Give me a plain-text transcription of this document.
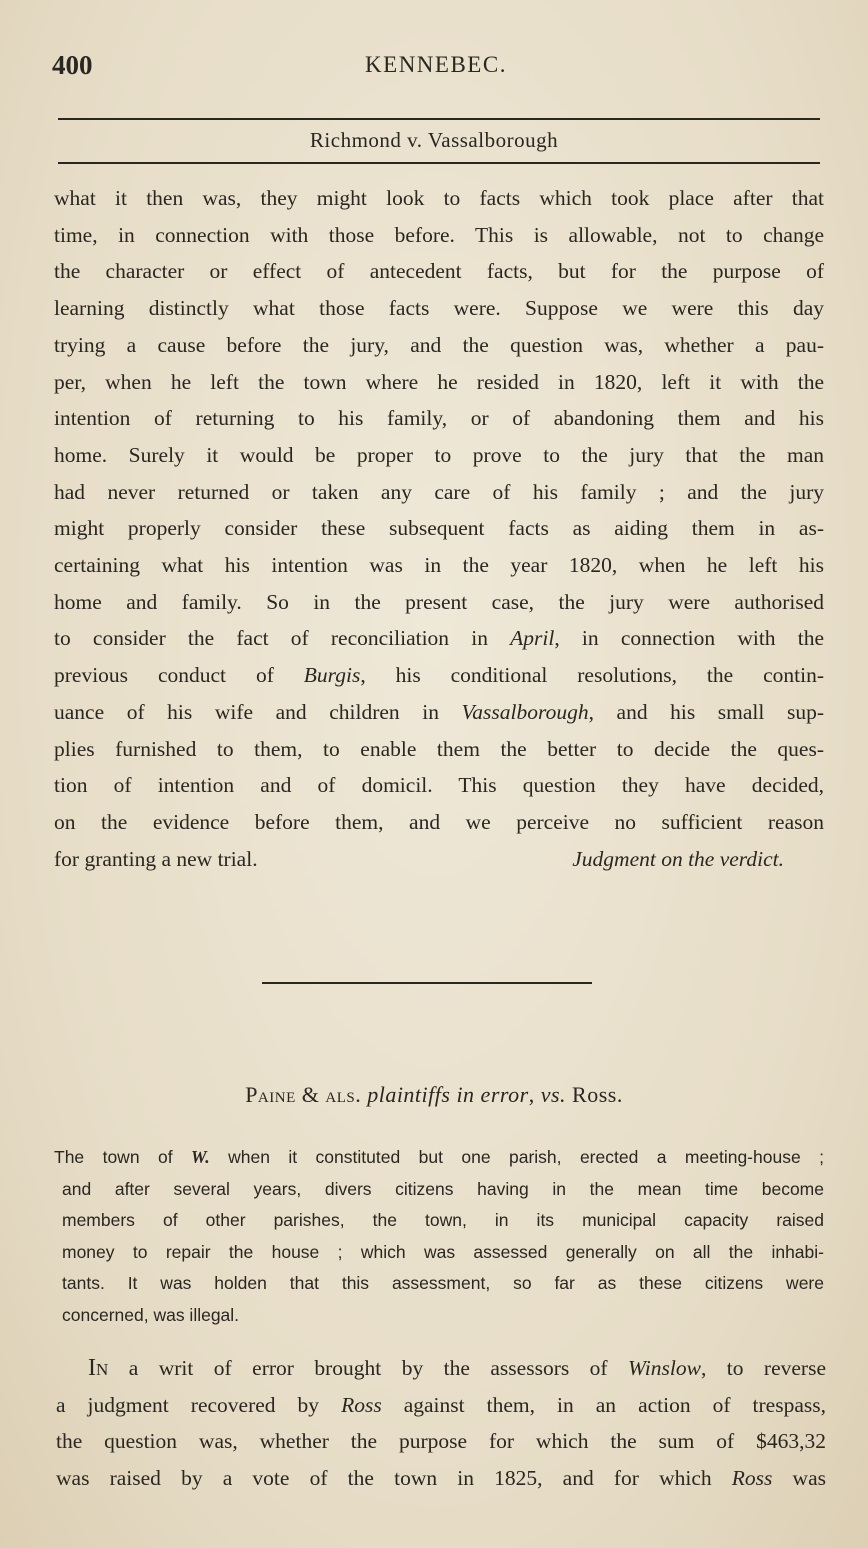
400	KENNEBEC.
Richmond v. Vassalborough
what it then was, they might look to facts which took place after that
time, in connection with those before. This is allowable, not to change
the character or effect of antecedent facts, but for the purpose of
learning distinctly what those facts were. Suppose we were this day
trying a cause before the jury, and the question was, whether a pau-
per, when he left the town where he resided in 1820, left it with the
intention of returning to his family, or of abandoning them and his
home. Surely it would be proper to prove to the jury that the man
had never returned or taken any care of his family ; and the jury
might properly consider these subsequent facts as aiding them in as-
certaining what his intention was in the year 1820, when he left his
home and family. So in the present case, the jury were authorised
to consider the fact of reconciliation in April, in connection with the
previous conduct of Burgis, his conditional resolutions, the contin-
uance of his wife and children in Vassalborough, and his small sup-
plies furnished to them, to enable them the better to decide the ques-
tion of intention and of domicil. This question they have decided,
on the evidence before them, and we perceive no sufficient reason
for granting a new trial.	Judgment on the verdict.
Paine & als. plaintiffs in error, vs. Ross.
The town of W. when it constituted but one parish, erected a meeting-house ;
and after several years, divers citizens having in the mean time become
members of other parishes, the town, in its municipal capacity raised
money to repair the house ; which was assessed generally on all the inhabi-
tants. It was holden that this assessment, so far as these citizens were
concerned, was illegal.
In a writ of error brought by the assessors of Winslow, to reverse
a judgment recovered by Ross against them, in an action of trespass,
the question was, whether the purpose for which the sum of $463,32
was raised by a vote of the town in 1825, and for which Ross was
